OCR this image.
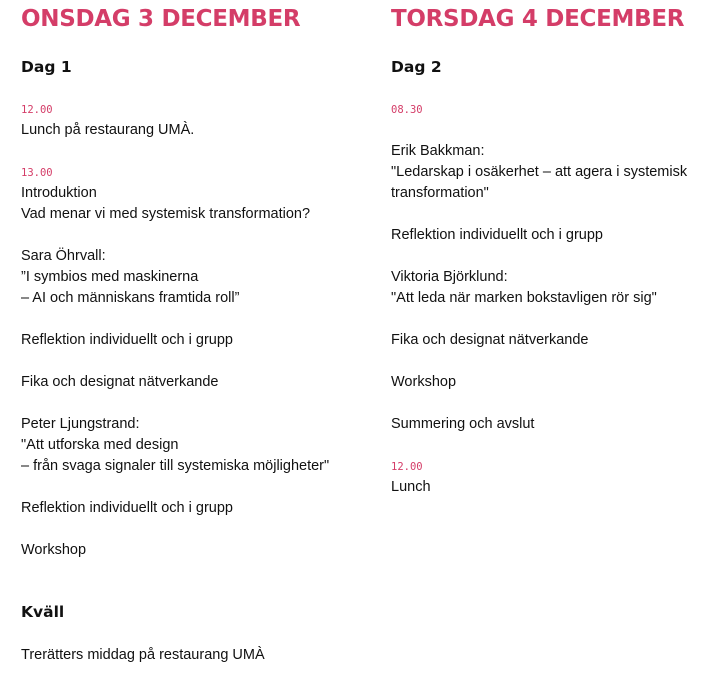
ONSDAG 3 DECEMBER
Dag 1
12.00
Lunch på restaurang UMÀ.
13.00
Introduktion
Vad menar vi med systemisk transformation?
Sara Öhrvall:
”I symbios med maskinerna
– AI och människans framtida roll”
Reflektion individuellt och i grupp
Fika och designat nätverkande
Peter Ljungstrand:
"Att utforska med design
– från svaga signaler till systemiska möjligheter"
Reflektion individuellt och i grupp
Workshop
Kväll
Trerätters middag på restaurang UMÀ
TORSDAG 4 DECEMBER
Dag 2
08.30
Erik Bakkman:
"Ledarskap i osäkerhet – att agera i systemisk
transformation"
Reflektion individuellt och i grupp
Viktoria Björklund:
"Att leda när marken bokstavligen rör sig"
Fika och designat nätverkande
Workshop
Summering och avslut
12.00
Lunch
